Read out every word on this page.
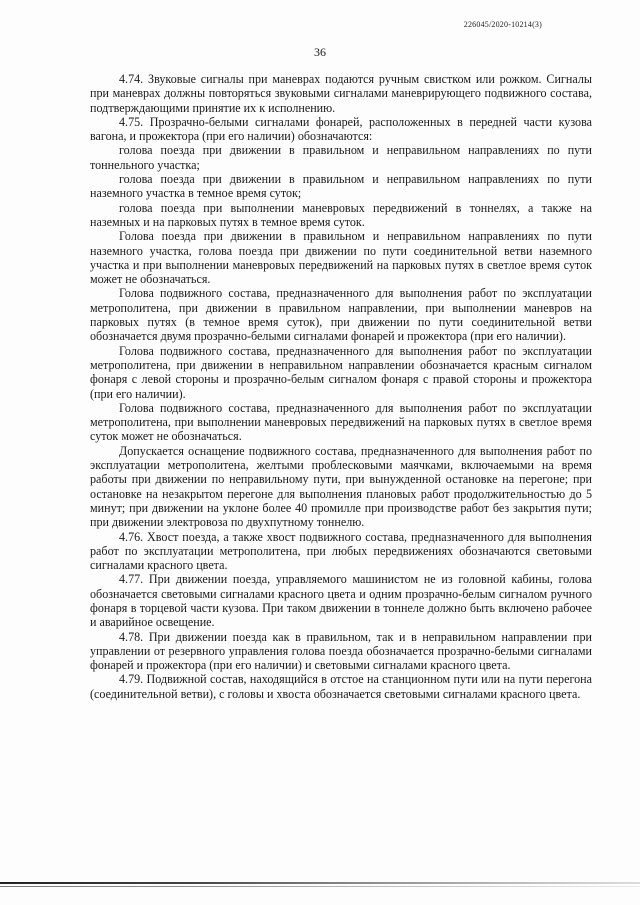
226045/2020-10214(3)
36

4.74. Звуковые сигналы при маневрах подаются ручным свистком или рожком. Сигналы при маневрах должны повторяться звуковыми сигналами маневрирующего подвижного состава, подтверждающими принятие их к исполнению.

4.75. Прозрачно-белыми сигналами фонарей, расположенных в передней части кузова вагона, и прожектора (при его наличии) обозначаются:

голова поезда при движении в правильном и неправильном направлениях по пути тоннельного участка;

голова поезда при движении в правильном и неправильном направлениях по пути наземного участка в темное время суток;

голова поезда при выполнении маневровых передвижений в тоннелях, а также на наземных и на парковых путях в темное время суток.

Голова поезда при движении в правильном и неправильном направлениях по пути наземного участка, голова поезда при движении по пути соединительной ветви наземного участка и при выполнении маневровых передвижений на парковых путях в светлое время суток может не обозначаться.

Голова подвижного состава, предназначенного для выполнения работ по эксплуатации метрополитена, при движении в правильном направлении, при выполнении маневров на парковых путях (в темное время суток), при движении по пути соединительной ветви обозначается двумя прозрачно-белыми сигналами фонарей и прожектора (при его наличии).

Голова подвижного состава, предназначенного для выполнения работ по эксплуатации метрополитена, при движении в неправильном направлении обозначается красным сигналом фонаря с левой стороны и прозрачно-белым сигналом фонаря с правой стороны и прожектора (при его наличии).

Голова подвижного состава, предназначенного для выполнения работ по эксплуатации метрополитена, при выполнении маневровых передвижений на парковых путях в светлое время суток может не обозначаться.

Допускается оснащение подвижного состава, предназначенного для выполнения работ по эксплуатации метрополитена, желтыми проблесковыми маячками, включаемыми на время работы при движении по неправильному пути, при вынужденной остановке на перегоне; при остановке на незакрытом перегоне для выполнения плановых работ продолжительностью до 5 минут; при движении на уклоне более 40 промилле при производстве работ без закрытия пути; при движении электровоза по двухпутному тоннелю.

4.76. Хвост поезда, а также хвост подвижного состава, предназначенного для выполнения работ по эксплуатации метрополитена, при любых передвижениях обозначаются световыми сигналами красного цвета.

4.77. При движении поезда, управляемого машинистом не из головной кабины, голова обозначается световыми сигналами красного цвета и одним прозрачно-белым сигналом ручного фонаря в торцевой части кузова. При таком движении в тоннеле должно быть включено рабочее и аварийное освещение.

4.78. При движении поезда как в правильном, так и в неправильном направлении при управлении от резервного управления голова поезда обозначается прозрачно-белыми сигналами фонарей и прожектора (при его наличии) и световыми сигналами красного цвета.

4.79. Подвижной состав, находящийся в отстое на станционном пути или на пути перегона (соединительной ветви), с головы и хвоста обозначается световыми сигналами красного цвета.
